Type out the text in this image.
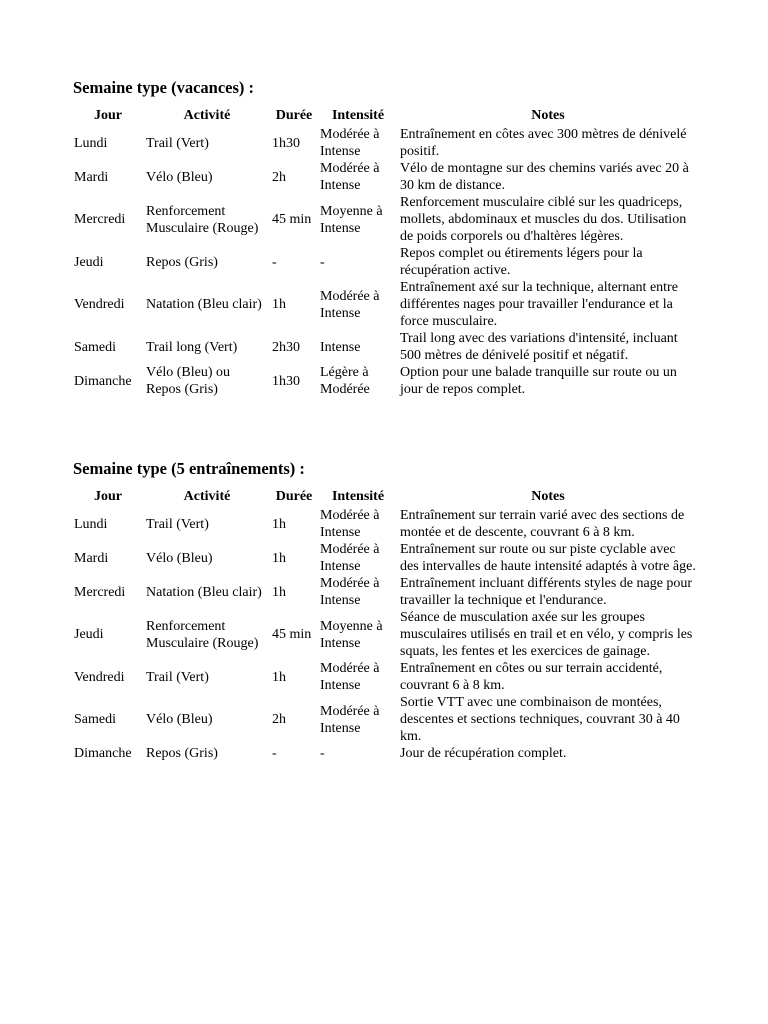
Semaine type (vacances) :
Jour	Activité	Durée	Intensité	Notes
Lundi	Trail (Vert)	1h30	Modérée à Intense	Entraînement en côtes avec 300 mètres de dénivelé positif.
Mardi	Vélo (Bleu)	2h	Modérée à Intense	Vélo de montagne sur des chemins variés avec 20 à 30 km de distance.
Mercredi	Renforcement Musculaire (Rouge)	45 min	Moyenne à Intense	Renforcement musculaire ciblé sur les quadriceps, mollets, abdominaux et muscles du dos. Utilisation de poids corporels ou d'haltères légères.
Jeudi	Repos (Gris)	-	-	Repos complet ou étirements légers pour la récupération active.
Vendredi	Natation (Bleu clair)	1h	Modérée à Intense	Entraînement axé sur la technique, alternant entre différentes nages pour travailler l'endurance et la force musculaire.
Samedi	Trail long (Vert)	2h30	Intense	Trail long avec des variations d'intensité, incluant 500 mètres de dénivelé positif et négatif.
Dimanche	Vélo (Bleu) ou Repos (Gris)	1h30	Légère à Modérée	Option pour une balade tranquille sur route ou un jour de repos complet.
Semaine type (5 entraînements) :
Jour	Activité	Durée	Intensité	Notes
Lundi	Trail (Vert)	1h	Modérée à Intense	Entraînement sur terrain varié avec des sections de montée et de descente, couvrant 6 à 8 km.
Mardi	Vélo (Bleu)	1h	Modérée à Intense	Entraînement sur route ou sur piste cyclable avec des intervalles de haute intensité adaptés à votre âge.
Mercredi	Natation (Bleu clair)	1h	Modérée à Intense	Entraînement incluant différents styles de nage pour travailler la technique et l'endurance.
Jeudi	Renforcement Musculaire (Rouge)	45 min	Moyenne à Intense	Séance de musculation axée sur les groupes musculaires utilisés en trail et en vélo, y compris les squats, les fentes et les exercices de gainage.
Vendredi	Trail (Vert)	1h	Modérée à Intense	Entraînement en côtes ou sur terrain accidenté, couvrant 6 à 8 km.
Samedi	Vélo (Bleu)	2h	Modérée à Intense	Sortie VTT avec une combinaison de montées, descentes et sections techniques, couvrant 30 à 40 km.
Dimanche	Repos (Gris)	-	-	Jour de récupération complet.
